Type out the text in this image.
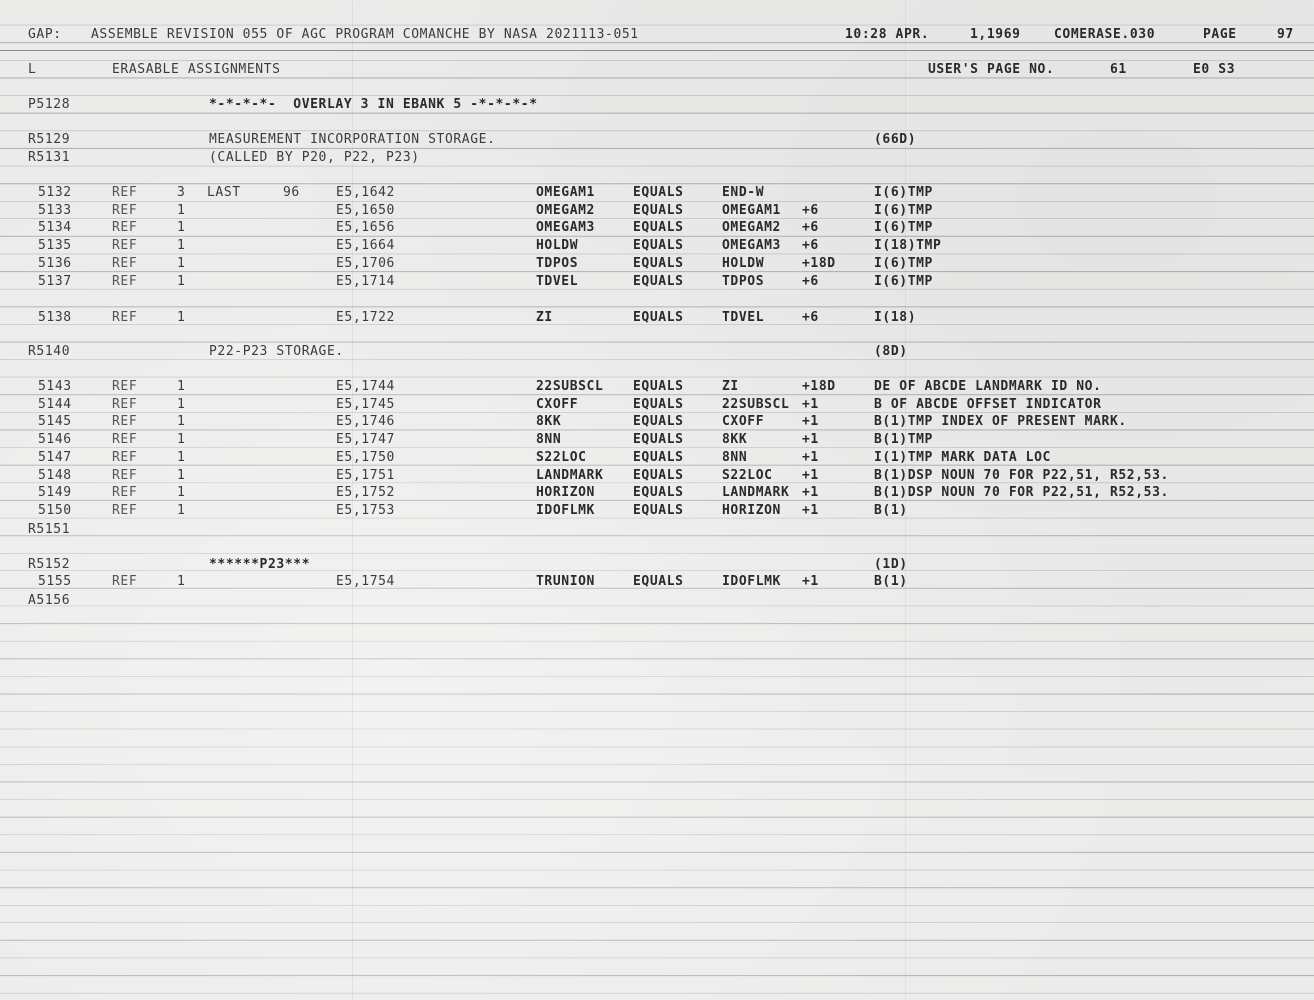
GAP: ASSEMBLE REVISION 055 OF AGC PROGRAM COMANCHE BY NASA 2021113-051	10:28 APR.	1,1969	COMERASE.030	PAGE	97
L	ERASABLE ASSIGNMENTS	USER'S PAGE NO.	61	E0 S3
P5128	*-*-*-*-  OVERLAY 3 IN EBANK 5 -*-*-*-*
R5129	MEASUREMENT INCORPORATION STORAGE.	(66D)
R5131	(CALLED BY P20, P22, P23)
5132	REF	3 LAST	96	E5,1642	OMEGAM1	EQUALS	END-W	I(6)TMP
5133	REF	1	E5,1650	OMEGAM2	EQUALS	OMEGAM1 +6	I(6)TMP
5134	REF	1	E5,1656	OMEGAM3	EQUALS	OMEGAM2 +6	I(6)TMP
5135	REF	1	E5,1664	HOLDW	EQUALS	OMEGAM3 +6	I(18)TMP
5136	REF	1	E5,1706	TDPOS	EQUALS	HOLDW	+18D	I(6)TMP
5137	REF	1	E5,1714	TDVEL	EQUALS	TDPOS	+6	I(6)TMP
5138	REF	1	E5,1722	ZI	EQUALS	TDVEL	+6	I(18)
R5140	P22-P23 STORAGE.	(8D)
5143	REF	1	E5,1744	22SUBSCL EQUALS	ZI	+18D	DE OF ABCDE LANDMARK ID NO.
5144	REF	1	E5,1745	CXOFF	EQUALS	22SUBSCL +1	B OF ABCDE OFFSET INDICATOR
5145	REF	1	E5,1746	8KK	EQUALS	CXOFF	+1	B(1)TMP INDEX OF PRESENT MARK.
5146	REF	1	E5,1747	8NN	EQUALS	8KK	+1	B(1)TMP
5147	REF	1	E5,1750	S22LOC	EQUALS	8NN	+1	I(1)TMP MARK DATA LOC
5148	REF	1	E5,1751	LANDMARK EQUALS	S22LOC +1	B(1)DSP NOUN 70 FOR P22,51, R52,53.
5149	REF	1	E5,1752	HORIZON	EQUALS	LANDMARK +1	B(1)DSP NOUN 70 FOR P22,51, R52,53.
5150	REF	1	E5,1753	IDOFLMK	EQUALS	HORIZON +1	B(1)
R5151
R5152	******P23***	(1D)
5155	REF	1	E5,1754	TRUNION	EQUALS	IDOFLMK +1	B(1)
A5156
